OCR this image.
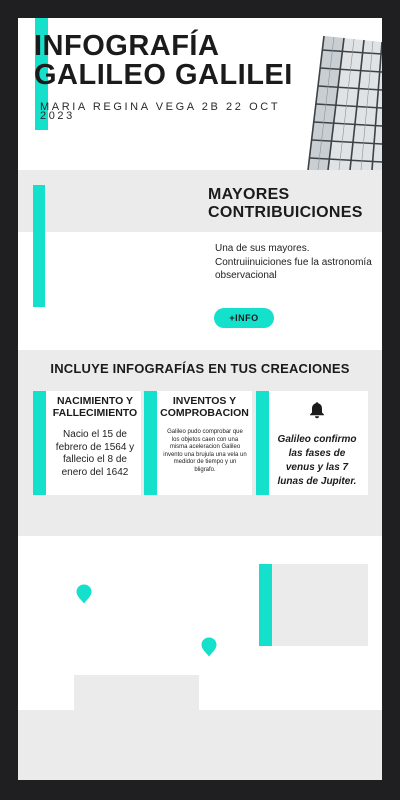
INFOGRAFÍA GALILEO GALILEI
MARIA REGINA VEGA 2B 22 OCT 2023
MAYORES CONTRIBUICIONES

Una de sus mayores. Contruiinuiciones fue la astronomía observacional

+INFO
INCLUYE INFOGRAFÍAS EN TUS CREACIONES
NACIMIENTO Y FALLECIMIENTO

Nacio el 15 de febrero de 1564 y fallecio el 8 de enero del 1642

INVENTOS Y COMPROBACION

Galileo pudo comprobar que los objetos caen con una misma aceleracion Galileo invento una brujula una vela un medidor de tiempo y un bligrafo.

Galileo confirmo las fases de venus y las 7 lunas de Jupiter.
